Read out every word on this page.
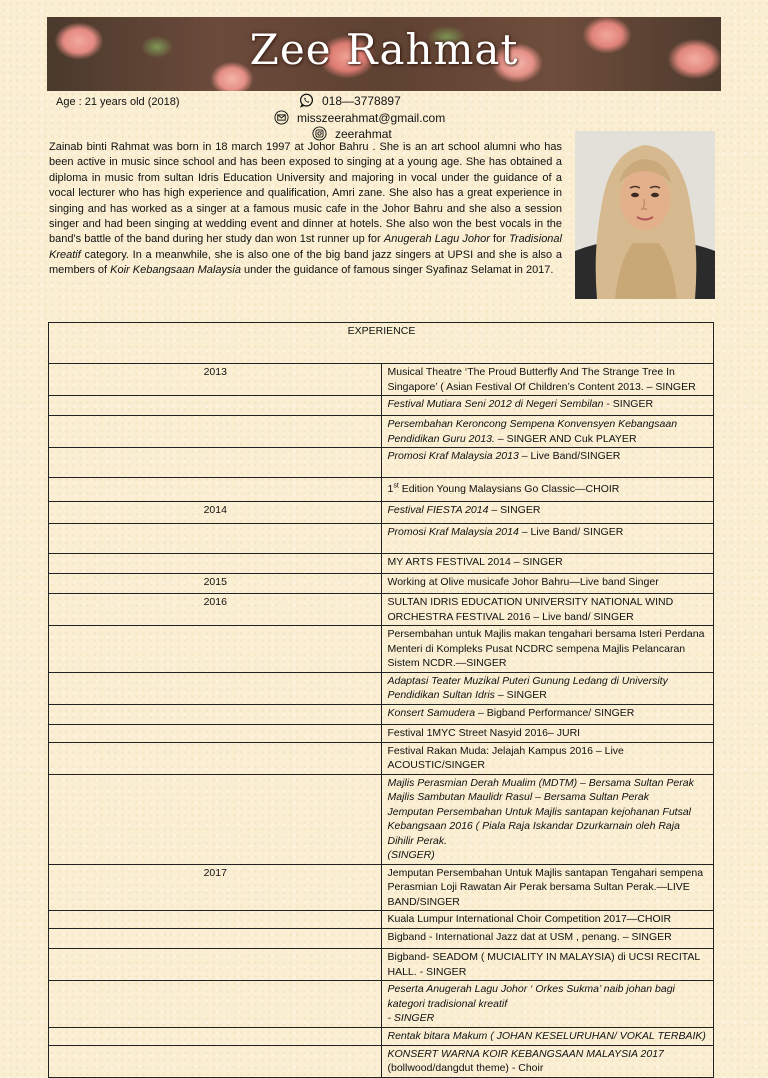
Zee Rahmat
Age : 21 years old (2018)	018—3778897
misszeerahmat@gmail.com
zeerahmat
Zainab binti Rahmat was born in 18 march 1997 at Johor Bahru . She is an art school alumni who has been active in music since school and has been exposed to singing at a young age. She has obtained a diploma in music from sultan Idris Education University and majoring in vocal under the guidance of a vocal lecturer who has high experience and qualification, Amri zane. She also has a great experience in singing and has worked as a singer at a famous music cafe in the Johor Bahru and she also a session singer and had been singing at wedding event and dinner at hotels. She also won the best vocals in the band's battle of the band during her study dan won 1st runner up for Anugerah Lagu Johor for Tradisional Kreatif category. In a meanwhile, she is also one of the big band jazz singers at UPSI and she is also a members of Koir Kebangsaan Malaysia under the guidance of famous singer Syafinaz Selamat in 2017.
EXPERIENCE	
2013	Musical Theatre ‘The Proud Butterfly And The Strange Tree In Singapore’ ( Asian Festival Of Children’s Content 2013. – SINGER
	Festival Mutiara Seni 2012 di Negeri Sembilan - SINGER
	Persembahan Keroncong Sempena Konvensyen Kebangsaan Pendidikan Guru 2013. – SINGER AND Cuk PLAYER
	Promosi Kraf Malaysia 2013 – Live Band/SINGER
	1st Edition Young Malaysians Go Classic—CHOIR
2014	Festival FIESTA 2014 – SINGER
	Promosi Kraf Malaysia 2014 – Live Band/ SINGER
	MY ARTS FESTIVAL 2014 – SINGER
2015	Working at Olive musicafe Johor Bahru—Live band Singer
2016	SULTAN IDRIS EDUCATION UNIVERSITY NATIONAL WIND ORCHESTRA FESTIVAL 2016 – Live band/ SINGER
	Persembahan untuk Majlis makan tengahari bersama Isteri Perdana Menteri di Kompleks Pusat NCDRC sempena Majlis Pelancaran Sistem NCDR.—SINGER
	Adaptasi Teater Muzikal Puteri Gunung Ledang di University Pendidikan Sultan Idris – SINGER
	Konsert Samudera – Bigband Performance/ SINGER
	Festival 1MYC Street Nasyid 2016– JURI
	Festival Rakan Muda: Jelajah Kampus 2016 – Live ACOUSTIC/SINGER

	Majlis Perasmian Derah Mualim (MDTM) – Bersama Sultan Perak
Majlis Sambutan Maulidr Rasul – Bersama Sultan Perak
Jemputan Persembahan Untuk Majlis santapan kejohanan Futsal Kebangsaan 2016 ( Piala Raja Iskandar Dzurkarnain oleh Raja Dihilir Perak.
(SINGER)

2017	Jemputan Persembahan Untuk Majlis santapan Tengahari sempena Perasmian Loji Rawatan Air Perak bersama Sultan Perak.—LIVE BAND/SINGER
	Kuala Lumpur International Choir Competition 2017—CHOIR
	Bigband - International Jazz dat at USM , penang. – SINGER
	Bigband- SEADOM ( MUCIALITY IN MALAYSIA) di UCSI RECITAL HALL. - SINGER

	Peserta Anugerah Lagu Johor ‘ Orkes Sukma’ naib johan bagi kategori tradisional kreatif
- SINGER

	Rentak bitara Makum ( JOHAN KESELURUHAN/ VOKAL TERBAIK)
	KONSERT WARNA KOIR KEBANGSAAN MALAYSIA 2017 (bollwood/dangdut theme) - Choir
